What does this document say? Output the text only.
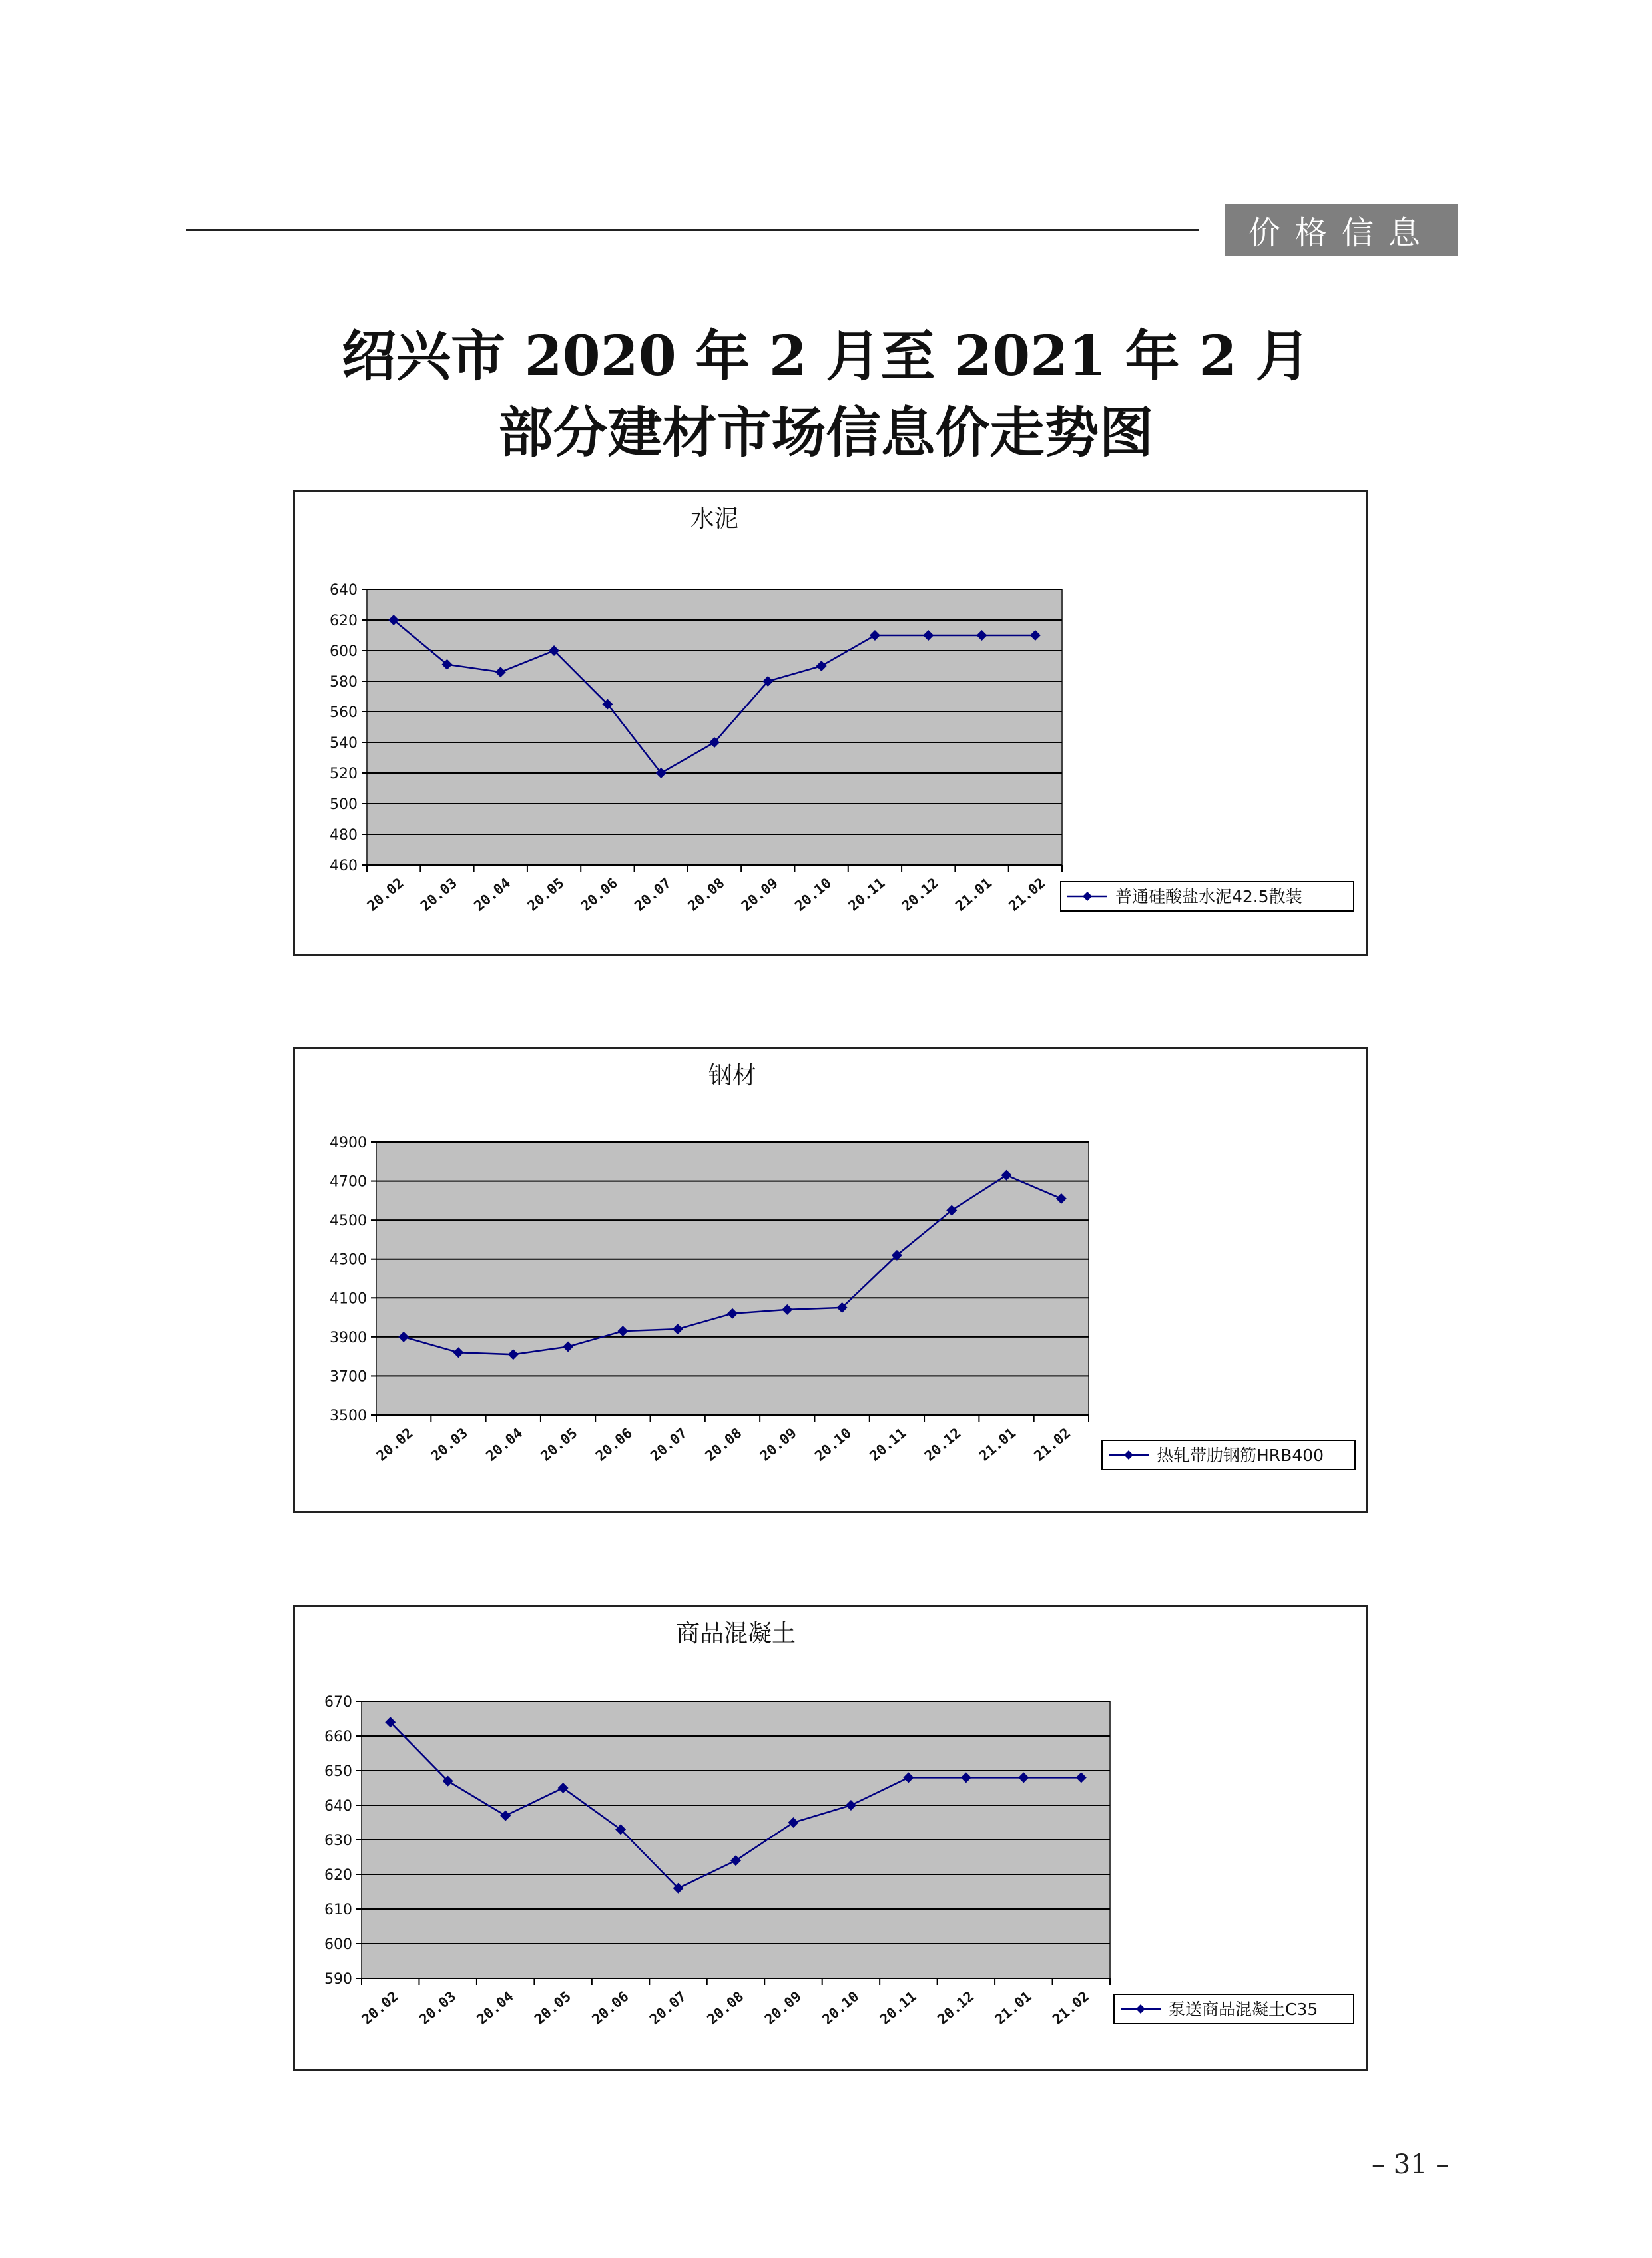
价格信息
绍兴市 2020 年 2 月至 2021 年 2 月
部分建材市场信息价走势图
水泥
460
480
500
520
540
560
580
600
620
640
20.02 20.03 20.04 20.05 20.06 20.07 20.08 20.09 20.10 20.11 20.12 21.01 21.02	普通硅酸盐水泥42.5散装
钢材
3500
3700
3900
4100
4300
4500
4700
4900
20.02 20.03 20.04 20.05 20.06 20.07 20.08 20.09 20.10 20.11 20.12 21.01 21.02	热轧带肋钢筋HRB400
商品混凝土
590
600
610
620
630
640
650
660
670
20.02 20.03 20.04 20.05 20.06 20.07 20.08 20.09 20.10 20.11 20.12 21.01 21.02	泵送商品混凝土C35
– 31 –
